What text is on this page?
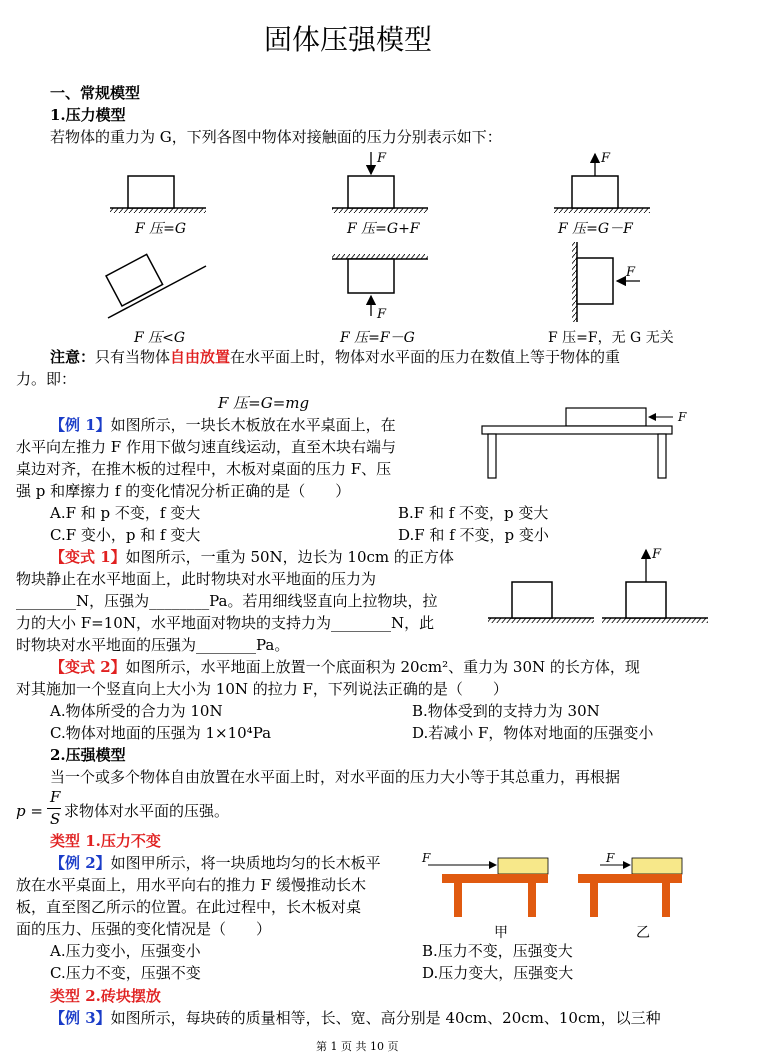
固体压强模型
一、常规模型
1.压力模型
若物体的重力为 G，下列各图中物体对接触面的压力分别表示如下：
F	F
F
F
F 压=G	F 压=G+F	F 压=G－F
F 压<G	F 压=F－G	F 压=F，无 G 无关
注意：只有当物体自由放置在水平面上时，物体对水平面的压力在数值上等于物体的重
力。即：
F 压=G=mg
【例 1】如图所示，一块长木板放在水平桌面上，在
水平向左推力 F 作用下做匀速直线运动，直至木块右端与
桌边对齐，在推木板的过程中，木板对桌面的压力 F、压
强 p 和摩擦力 f 的变化情况分析正确的是（　　）
A.F 和 p 不变，f 变大	B.F 和 f 不变，p 变大
C.F 变小，p 和 f 变大	D.F 和 f 不变，p 变小
F
【变式 1】如图所示，一重为 50N，边长为 10cm 的正方体
物块静止在水平地面上，此时物块对水平地面的压力为
________N，压强为________Pa。若用细线竖直向上拉物块，拉
力的大小 F=10N，水平地面对物块的支持力为________N，此
时物块对水平地面的压强为________Pa。
F
【变式 2】如图所示，水平地面上放置一个底面积为 20cm²、重力为 30N 的长方体，现
对其施加一个竖直向上大小为 10N 的拉力 F，下列说法正确的是（　　）
A.物体所受的合力为 10N	B.物体受到的支持力为 30N
C.物体对地面的压强为 1×10⁴Pa	D.若减小 F，物体对地面的压强变小
2.压强模型
当一个或多个物体自由放置在水平面上时，对水平面的压力大小等于其总重力，再根据
p =
F
S 求物体对水平面的压强。
类型 1.压力不变
【例 2】如图甲所示，将一块质地均匀的长木板平
放在水平桌面上，用水平向右的推力 F 缓慢推动长木
板，直至图乙所示的位置。在此过程中，长木板对桌
面的压力、压强的变化情况是（　　）
A.压力变小，压强变小	B.压力不变，压强变大
C.压力不变，压强不变	D.压力变大，压强变大
F	F
甲	乙
类型 2.砖块摆放
【例 3】如图所示，每块砖的质量相等，长、宽、高分别是 40cm、20cm、10cm，以三种
第 1 页 共 10 页
